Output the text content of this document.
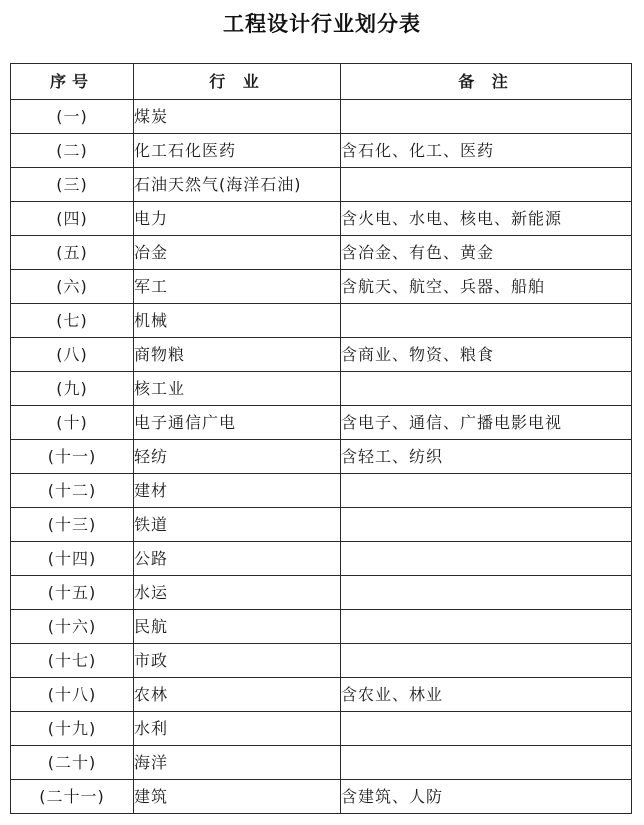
工程设计行业划分表
序号	行 业	备 注
(一)	煤炭	
(二)	化工石化医药	含石化、化工、医药
(三)	石油天然气(海洋石油)	
(四)	电力	含火电、水电、核电、新能源
(五)	冶金	含冶金、有色、黄金
(六)	军工	含航天、航空、兵器、船舶
(七)	机械	
(八)	商物粮	含商业、物资、粮食
(九)	核工业	
(十)	电子通信广电	含电子、通信、广播电影电视
(十一)	轻纺	含轻工、纺织
(十二)	建材	
(十三)	铁道	
(十四)	公路	
(十五)	水运	
(十六)	民航	
(十七)	市政	
(十八)	农林	含农业、林业
(十九)	水利	
(二十)	海洋	
(二十一)	建筑	含建筑、人防
